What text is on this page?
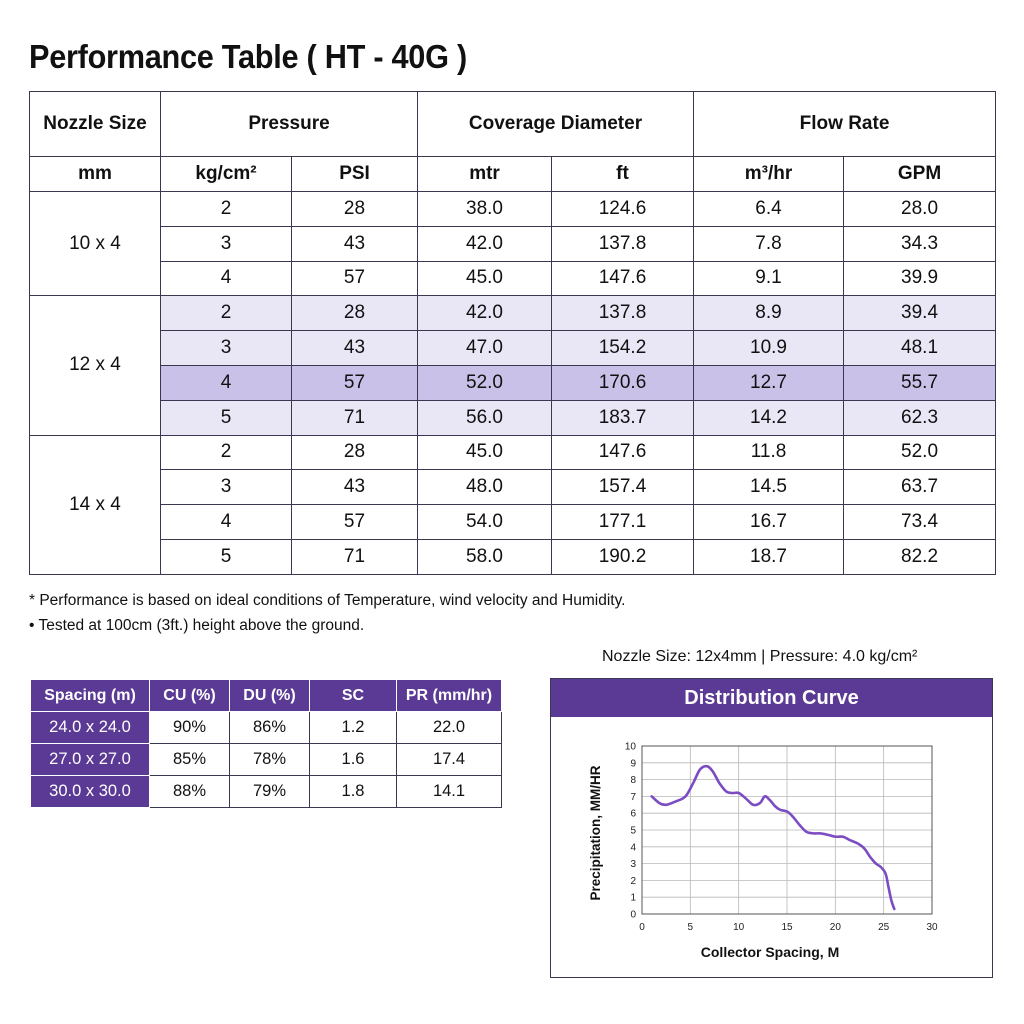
Performance Table ( HT - 40G )
Nozzle Size	Pressure		Coverage Diameter		Flow Rate	
mm	kg/cm²	PSI	mtr	ft	m³/hr	GPM
10 x 4	2	28	38.0	124.6	6.4	28.0
	3	43	42.0	137.8	7.8	34.3
	4	57	45.0	147.6	9.1	39.9
12 x 4	2	28	42.0	137.8	8.9	39.4
	3	43	47.0	154.2	10.9	48.1
	4	57	52.0	170.6	12.7	55.7
	5	71	56.0	183.7	14.2	62.3
14 x 4	2	28	45.0	147.6	11.8	52.0
	3	43	48.0	157.4	14.5	63.7
	4	57	54.0	177.1	16.7	73.4
	5	71	58.0	190.2	18.7	82.2
* Performance is based on ideal conditions of Temperature, wind velocity and Humidity.
• Tested at 100cm (3ft.) height above the ground.
Nozzle Size: 12x4mm | Pressure: 4.0 kg/cm²
Spacing (m)	CU (%)	DU (%)	SC	PR (mm/hr)
24.0 x 24.0	90%	86%	1.2	22.0
27.0 x 27.0	85%	78%	1.6	17.4
30.0 x 30.0	88%	79%	1.8	14.1
Distribution Curve
0
1
2
3
4
5
6
7
8
9
10
0	5	10	15	20	25	30
Collector Spacing, M
Precipitation, MM/HR
